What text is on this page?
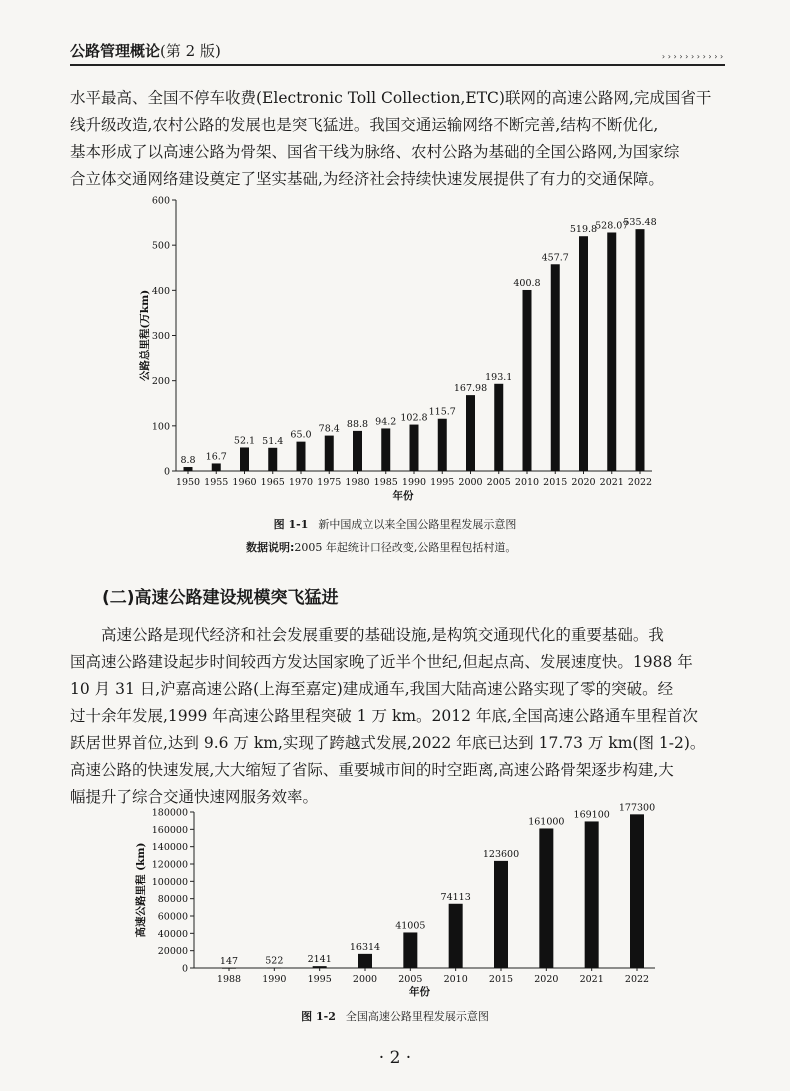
公路管理概论(第 2 版)	›››››››››››

水平最高、全国不停车收费(Electronic Toll Collection,ETC)联网的高速公路网,完成国省干
线升级改造,农村公路的发展也是突飞猛进。我国交通运输网络不断完善,结构不断优化,
基本形成了以高速公路为骨架、国省干线为脉络、农村公路为基础的全国公路网,为国家综
合立体交通网络建设奠定了坚实基础,为经济社会持续快速发展提供了有力的交通保障。

0
100
200
300
400
500
600
公路总里程(万km)
8.8
1950
16.7
1955
52.1
1960
51.4
1965
65.0
1970
78.4
1975
88.8
1980
94.2
1985
102.8
1990
115.7
1995
167.98
2000
193.1
2005
400.8
2010
457.7
2015
519.8
2020
528.07
2021
535.48
2022
年份

图 1-1 新中国成立以来全国公路里程发展示意图

数据说明:2005 年起统计口径改变,公路里程包括村道。

(二)高速公路建设规模突飞猛进

高速公路是现代经济和社会发展重要的基础设施,是构筑交通现代化的重要基础。我
国高速公路建设起步时间较西方发达国家晚了近半个世纪,但起点高、发展速度快。1988 年
10 月 31 日,沪嘉高速公路(上海至嘉定)建成通车,我国大陆高速公路实现了零的突破。经
过十余年发展,1999 年高速公路里程突破 1 万 km。2012 年底,全国高速公路通车里程首次
跃居世界首位,达到 9.6 万 km,实现了跨越式发展,2022 年底已达到 17.73 万 km(图 1-2)。
高速公路的快速发展,大大缩短了省际、重要城市间的时空距离,高速公路骨架逐步构建,大
幅提升了综合交通快速网服务效率。

0
20000
40000
60000
80000
100000
120000
140000
160000
180000
高速公路里程 (km)
147
1988
522
1990
2141
1995
16314
2000
41005
2005
74113
2010
123600
2015
161000
2020
169100
2021
177300
2022
年份

图 1-2 全国高速公路里程发展示意图

· 2 ·
